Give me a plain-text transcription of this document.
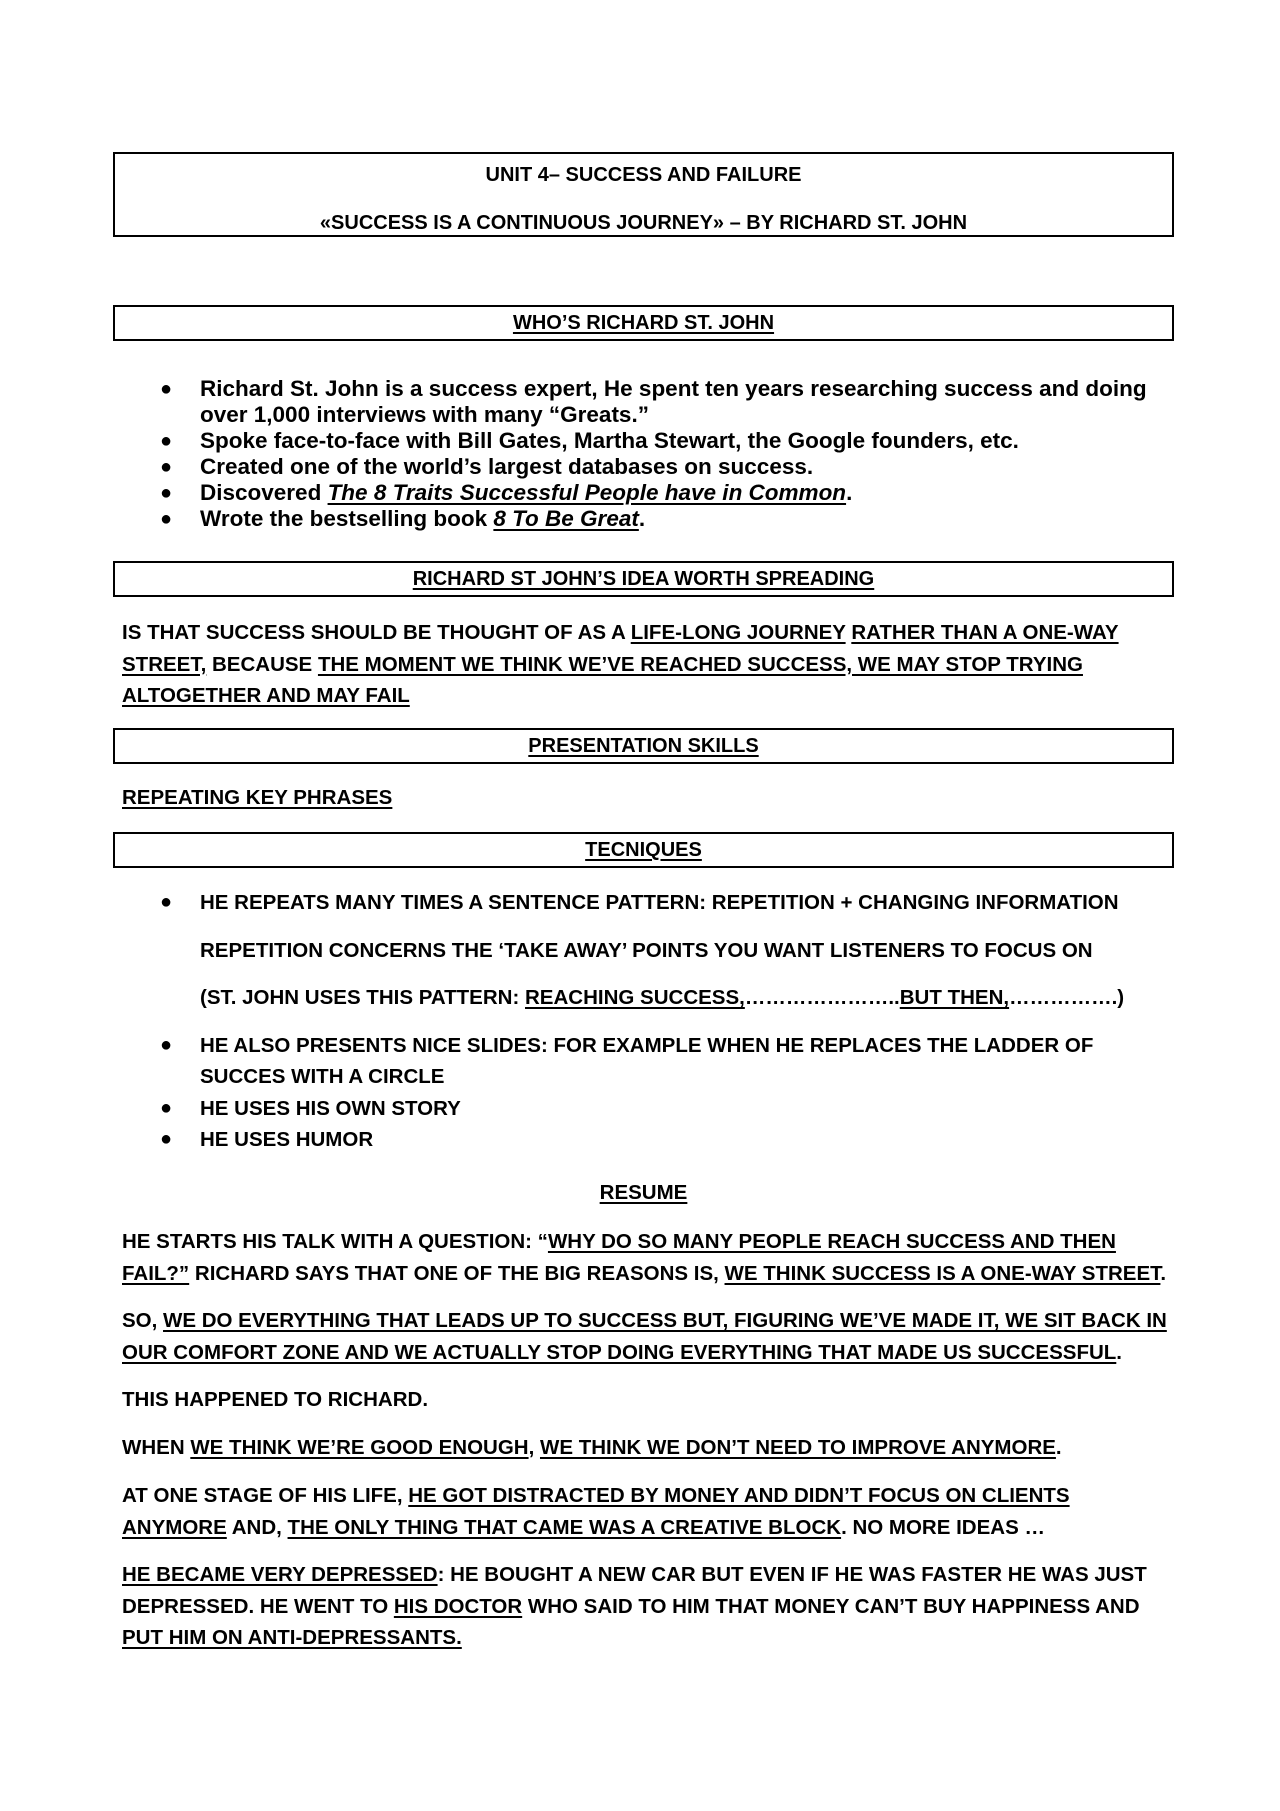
UNIT 4– SUCCESS AND FAILURE
«SUCCESS IS A CONTINUOUS JOURNEY» – BY RICHARD ST. JOHN
WHO’S RICHARD ST. JOHN
● Richard St. John is a success expert, He spent ten years researching success and doing over 1,000 interviews with many “Greats.”
● Spoke face-to-face with Bill Gates, Martha Stewart, the Google founders, etc.
● Created one of the world’s largest databases on success.
● Discovered The 8 Traits Successful People have in Common.
● Wrote the bestselling book 8 To Be Great.
RICHARD ST JOHN’S IDEA WORTH SPREADING
IS THAT SUCCESS SHOULD BE THOUGHT OF AS A LIFE-LONG JOURNEY RATHER THAN A ONE-WAY STREET, BECAUSE THE MOMENT WE THINK WE’VE REACHED SUCCESS, WE MAY STOP TRYING ALTOGETHER AND MAY FAIL
PRESENTATION SKILLS
REPEATING KEY PHRASES
TECNIQUES
● HE REPEATS MANY TIMES A SENTENCE PATTERN: REPETITION + CHANGING INFORMATION
REPETITION CONCERNS THE ‘TAKE AWAY’ POINTS YOU WANT LISTENERS TO FOCUS ON
(ST. JOHN USES THIS PATTERN: REACHING SUCCESS,…………………..BUT THEN,…………….)
● HE ALSO PRESENTS NICE SLIDES: FOR EXAMPLE WHEN HE REPLACES THE LADDER OF SUCCES WITH A CIRCLE
● HE USES HIS OWN STORY
● HE USES HUMOR
RESUME
HE STARTS HIS TALK WITH A QUESTION: “WHY DO SO MANY PEOPLE REACH SUCCESS AND THEN FAIL?” RICHARD SAYS THAT ONE OF THE BIG REASONS IS, WE THINK SUCCESS IS A ONE-WAY STREET.
SO, WE DO EVERYTHING THAT LEADS UP TO SUCCESS BUT, FIGURING WE’VE MADE IT, WE SIT BACK IN OUR COMFORT ZONE AND WE ACTUALLY STOP DOING EVERYTHING THAT MADE US SUCCESSFUL.
THIS HAPPENED TO RICHARD.
WHEN WE THINK WE’RE GOOD ENOUGH, WE THINK WE DON’T NEED TO IMPROVE ANYMORE.
AT ONE STAGE OF HIS LIFE, HE GOT DISTRACTED BY MONEY AND DIDN’T FOCUS ON CLIENTS ANYMORE AND, THE ONLY THING THAT CAME WAS A CREATIVE BLOCK. NO MORE IDEAS …
HE BECAME VERY DEPRESSED: HE BOUGHT A NEW CAR BUT EVEN IF HE WAS FASTER HE WAS JUST DEPRESSED. HE WENT TO HIS DOCTOR WHO SAID TO HIM THAT MONEY CAN’T BUY HAPPINESS AND PUT HIM ON ANTI-DEPRESSANTS.
